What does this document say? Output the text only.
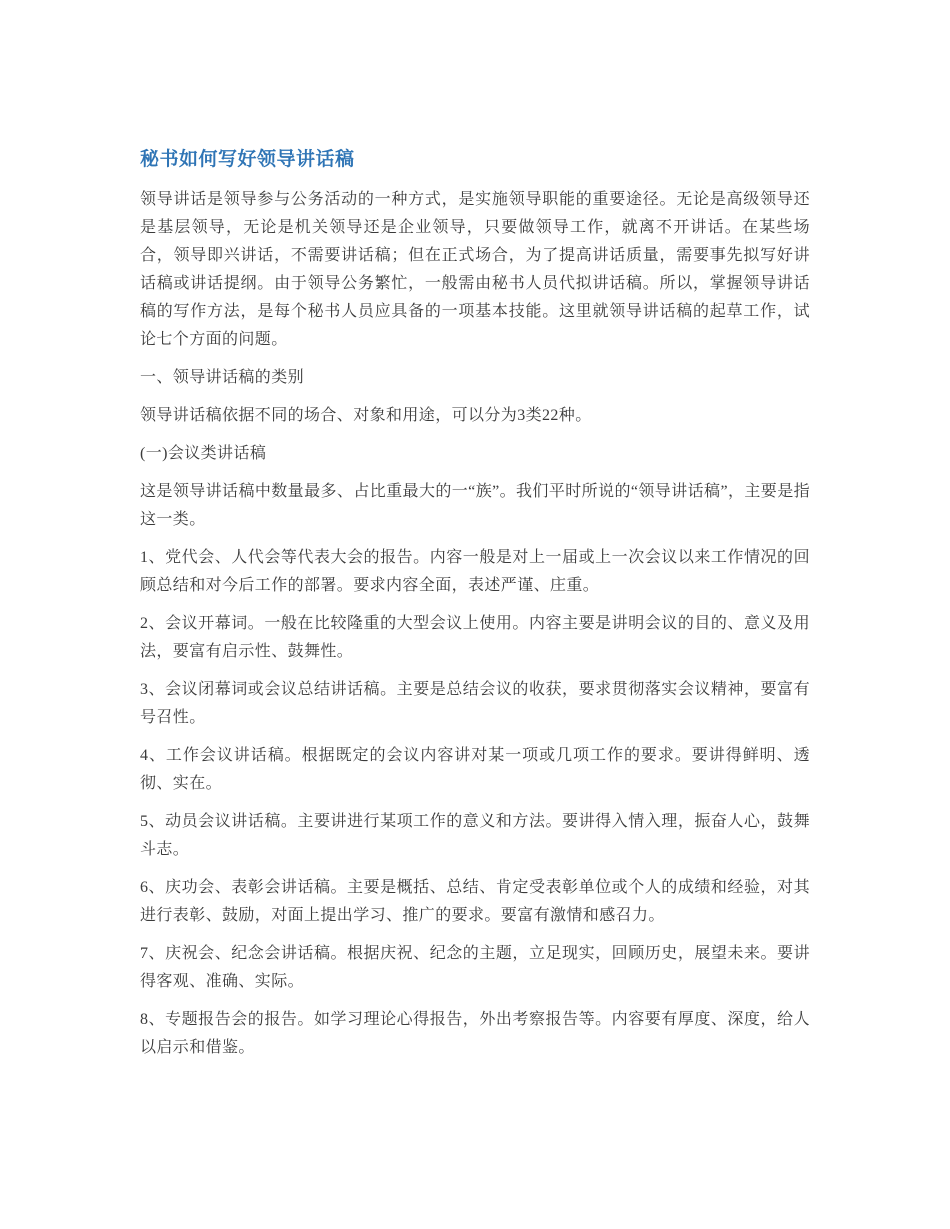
秘书如何写好领导讲话稿

领导讲话是领导参与公务活动的一种方式，是实施领导职能的重要途径。无论是高级领导还是基层领导，无论是机关领导还是企业领导，只要做领导工作，就离不开讲话。在某些场合，领导即兴讲话，不需要讲话稿；但在正式场合，为了提高讲话质量，需要事先拟写好讲话稿或讲话提纲。由于领导公务繁忙，一般需由秘书人员代拟讲话稿。所以，掌握领导讲话稿的写作方法，是每个秘书人员应具备的一项基本技能。这里就领导讲话稿的起草工作，试论七个方面的问题。

一、领导讲话稿的类别

领导讲话稿依据不同的场合、对象和用途，可以分为3类22种。

(一)会议类讲话稿

这是领导讲话稿中数量最多、占比重最大的一“族”。我们平时所说的“领导讲话稿”，主要是指这一类。

1、党代会、人代会等代表大会的报告。内容一般是对上一届或上一次会议以来工作情况的回顾总结和对今后工作的部署。要求内容全面，表述严谨、庄重。

2、会议开幕词。一般在比较隆重的大型会议上使用。内容主要是讲明会议的目的、意义及用法，要富有启示性、鼓舞性。

3、会议闭幕词或会议总结讲话稿。主要是总结会议的收获，要求贯彻落实会议精神，要富有号召性。

4、工作会议讲话稿。根据既定的会议内容讲对某一项或几项工作的要求。要讲得鲜明、透彻、实在。

5、动员会议讲话稿。主要讲进行某项工作的意义和方法。要讲得入情入理，振奋人心，鼓舞斗志。

6、庆功会、表彰会讲话稿。主要是概括、总结、肯定受表彰单位或个人的成绩和经验，对其进行表彰、鼓励，对面上提出学习、推广的要求。要富有激情和感召力。

7、庆祝会、纪念会讲话稿。根据庆祝、纪念的主题，立足现实，回顾历史，展望未来。要讲得客观、准确、实际。

8、专题报告会的报告。如学习理论心得报告，外出考察报告等。内容要有厚度、深度，给人以启示和借鉴。
